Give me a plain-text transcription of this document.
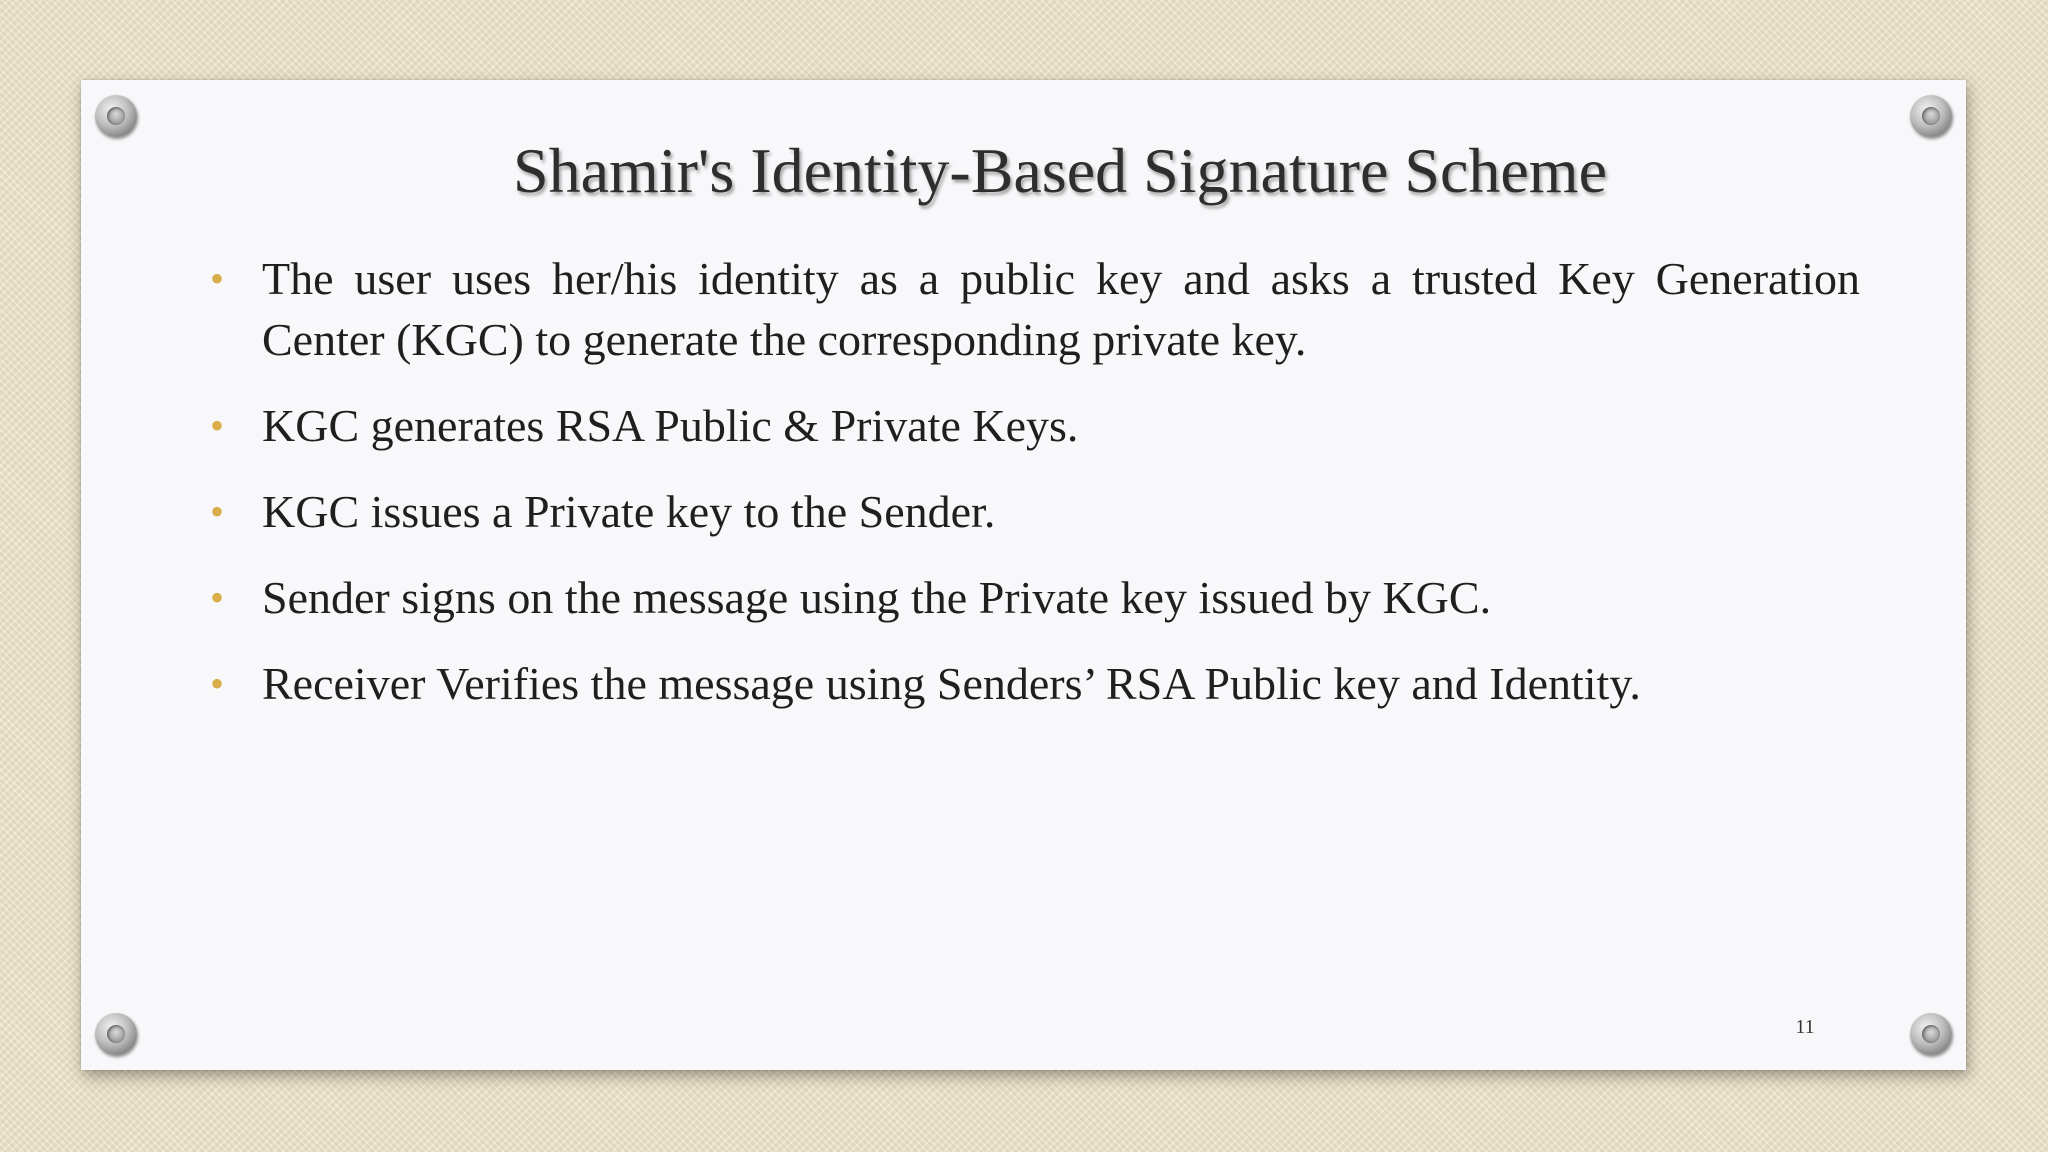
Shamir's Identity-Based Signature Scheme
• The user uses her/his identity as a public key and asks a trusted Key Generation Center (KGC) to generate the corresponding private key.
• KGC generates RSA Public & Private Keys.
• KGC issues a Private key to the Sender.
• Sender signs on the message using the Private key issued by KGC.
• Receiver Verifies the message using Senders’ RSA Public key and Identity.
11
